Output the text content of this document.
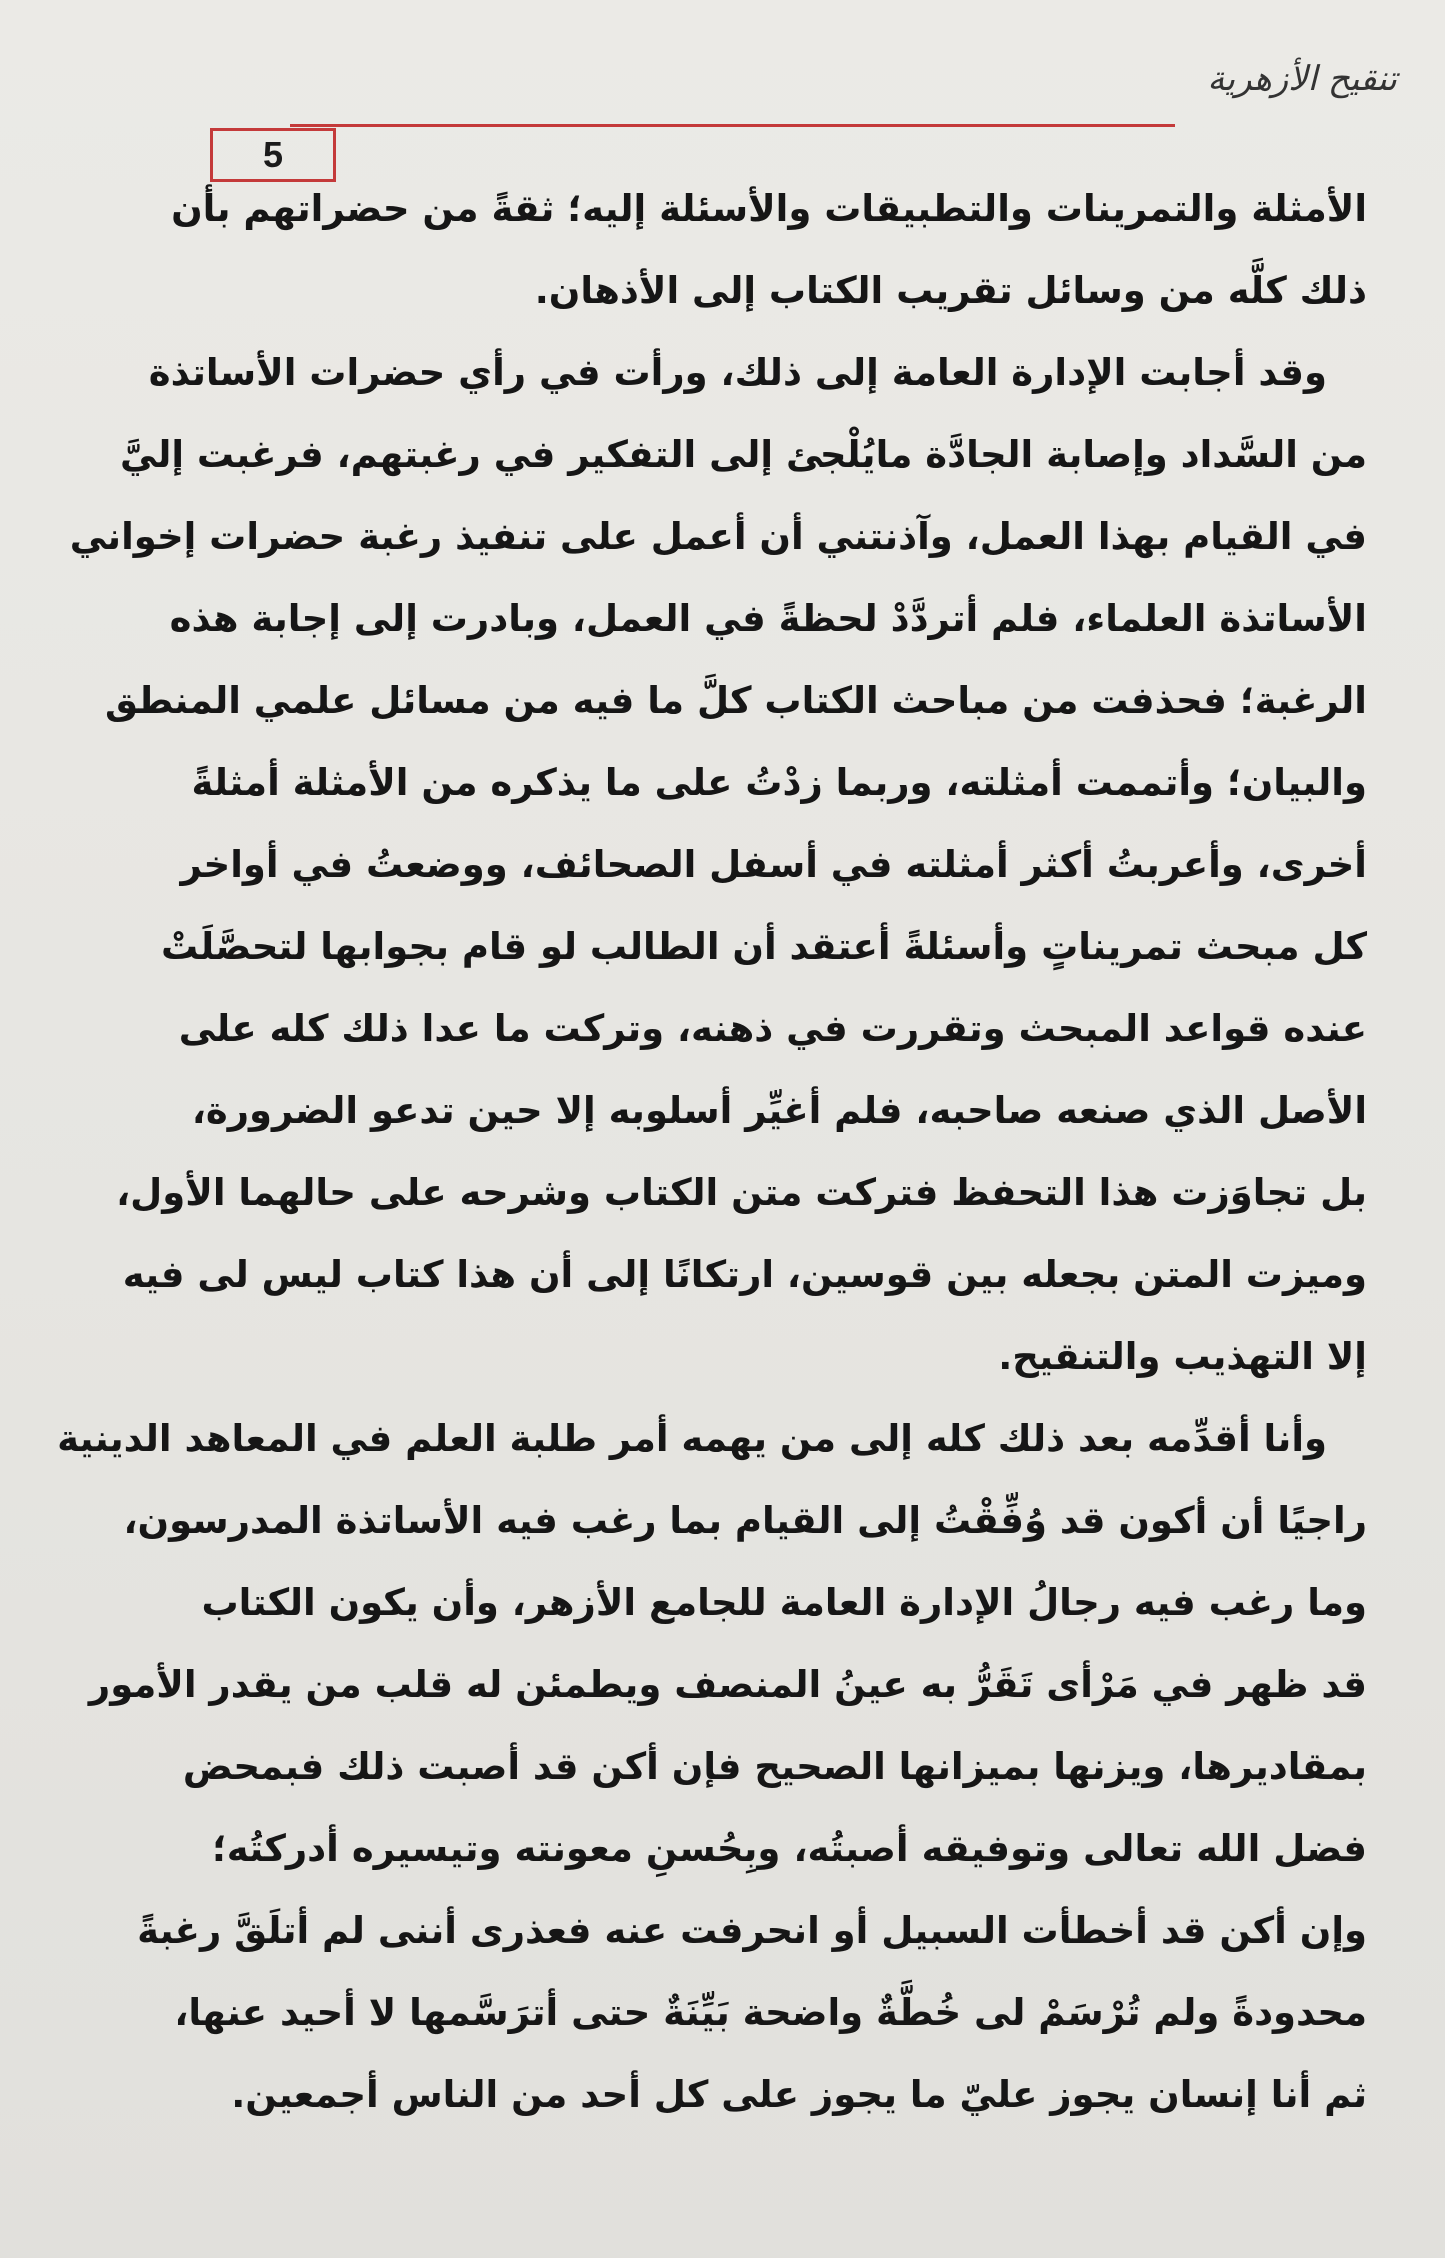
تنقيح الأزهرية
5
الأمثلة والتمرينات والتطبيقات والأسئلة إليه؛ ثقةً من حضراتهم بأن
ذلك كلَّه من وسائل تقريب الكتاب إلى الأذهان.
وقد أجابت الإدارة العامة إلى ذلك، ورأت في رأي حضرات الأساتذة
من السَّداد وإصابة الجادَّة مايُلْجئ إلى التفكير في رغبتهم، فرغبت إليَّ
في القيام بهذا العمل، وآذنتني أن أعمل على تنفيذ رغبة حضرات إخواني
الأساتذة العلماء، فلم أتردَّدْ لحظةً في العمل، وبادرت إلى إجابة هذه
الرغبة؛ فحذفت من مباحث الكتاب كلَّ ما فيه من مسائل علمي المنطق
والبيان؛ وأتممت أمثلته، وربما زدْتُ على ما يذكره من الأمثلة أمثلةً
أخرى، وأعربتُ أكثر أمثلته في أسفل الصحائف، ووضعتُ في أواخر
كل مبحث تمريناتٍ وأسئلةً أعتقد أن الطالب لو قام بجوابها لتحصَّلَتْ
عنده قواعد المبحث وتقررت في ذهنه، وتركت ما عدا ذلك كله على
الأصل الذي صنعه صاحبه، فلم أغيِّر أسلوبه إلا حين تدعو الضرورة،
بل تجاوَزت هذا التحفظ فتركت متن الكتاب وشرحه على حالهما الأول،
وميزت المتن بجعله بين قوسين، ارتكانًا إلى أن هذا كتاب ليس لى فيه
إلا التهذيب والتنقيح.
وأنا أقدِّمه بعد ذلك كله إلى من يهمه أمر طلبة العلم في المعاهد الدينية
راجيًا أن أكون قد وُفِّقْتُ إلى القيام بما رغب فيه الأساتذة المدرسون،
وما رغب فيه رجالُ الإدارة العامة للجامع الأزهر، وأن يكون الكتاب
قد ظهر في مَرْأى تَقَرُّ به عينُ المنصف ويطمئن له قلب من يقدر الأمور
بمقاديرها، ويزنها بميزانها الصحيح فإن أكن قد أصبت ذلك فبمحض
فضل الله تعالى وتوفيقه أصبتُه، وبِحُسنِ معونته وتيسيره أدركتُه؛
وإن أكن قد أخطأت السبيل أو انحرفت عنه فعذرى أننى لم أتلَقَّ رغبةً
محدودةً ولم تُرْسَمْ لى خُطَّةٌ واضحة بَيِّنَةٌ حتى أترَسَّمها لا أحيد عنها،
ثم أنا إنسان يجوز عليّ ما يجوز على كل أحد من الناس أجمعين.
